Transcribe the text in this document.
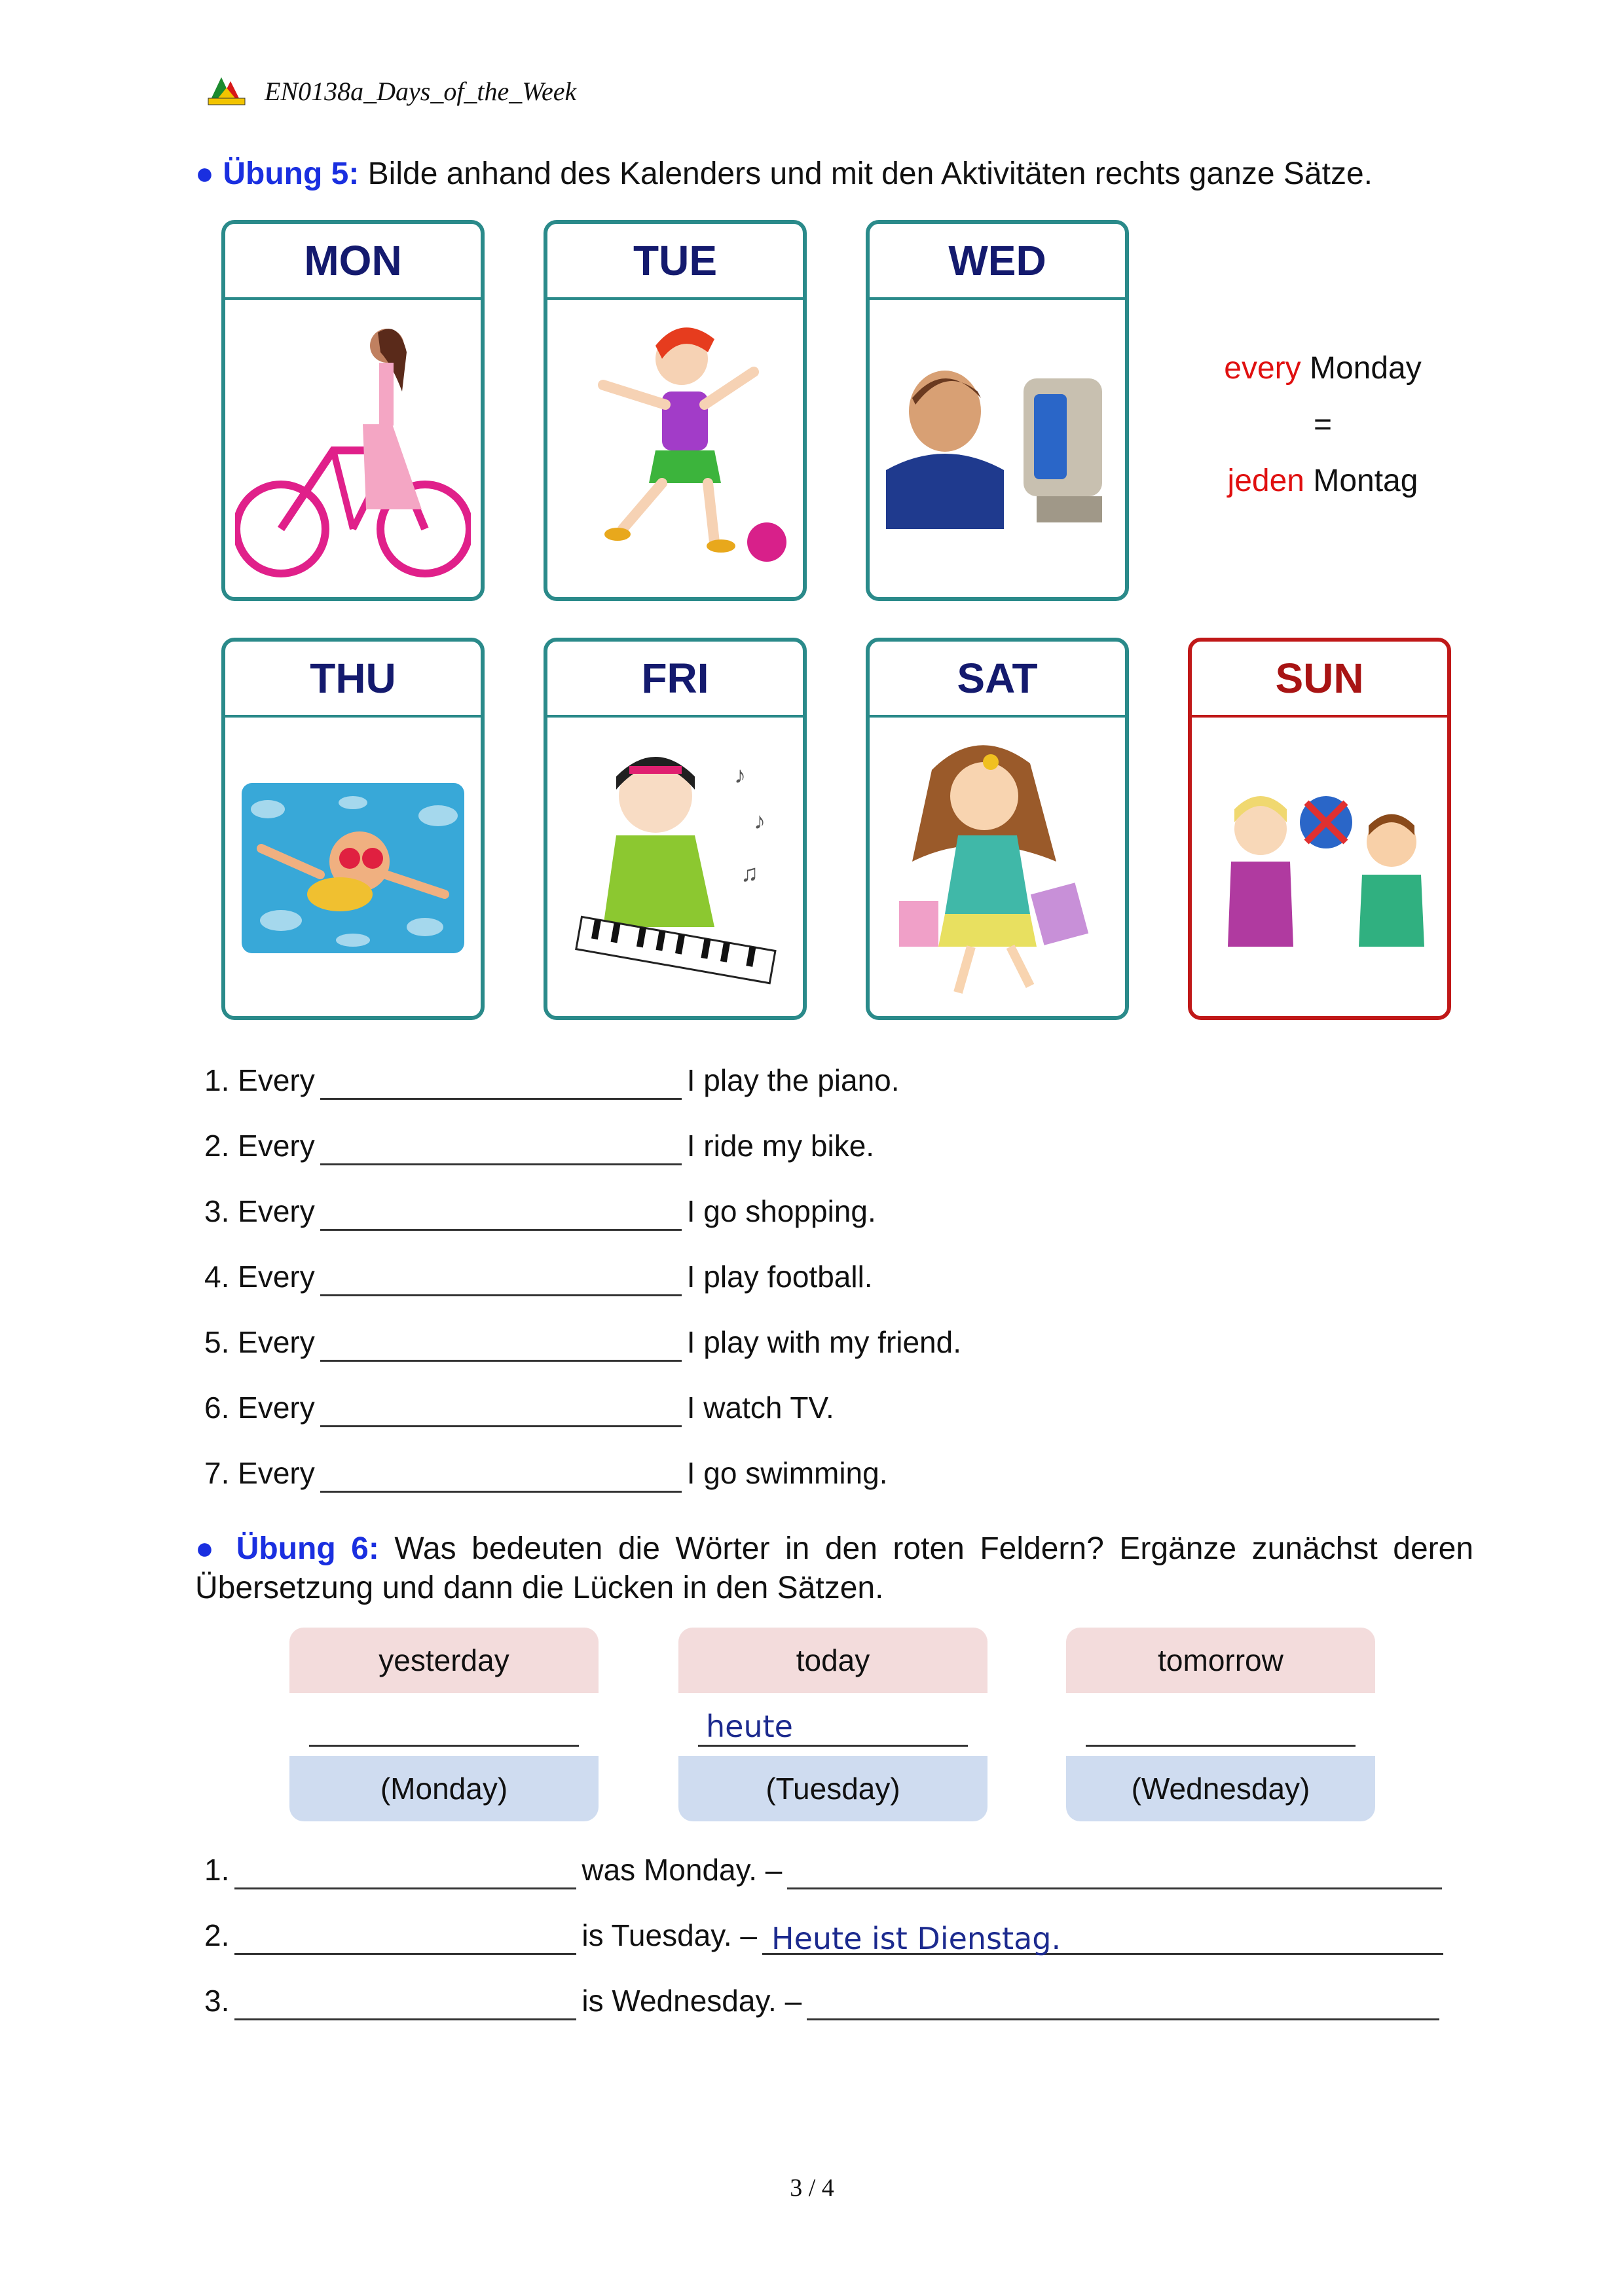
EN0138a_Days_of_the_Week
● Übung 5: Bilde anhand des Kalenders und mit den Aktivitäten rechts ganze Sätze.
MON	TUE	WED
every Monday
=
jeden Montag
THU	FRI
♪
♪
♫
SAT	SUN
1. Every	I play the piano.
2. Every	I ride my bike.
3. Every	I go shopping.
4. Every	I play football.
5. Every	I play with my friend.
6. Every	I watch TV.
7. Every	I go swimming.
● Übung 6: Was bedeuten die Wörter in den roten Feldern? Ergänze zunächst deren Übersetzung und dann die Lücken in den Sätzen.
yesterday
(Monday)
today
heute
(Tuesday)
tomorrow
(Wednesday)
1.	was Monday. –
2.	is Tuesday. – Heute ist Dienstag.
3.	is Wednesday. –
3 / 4
